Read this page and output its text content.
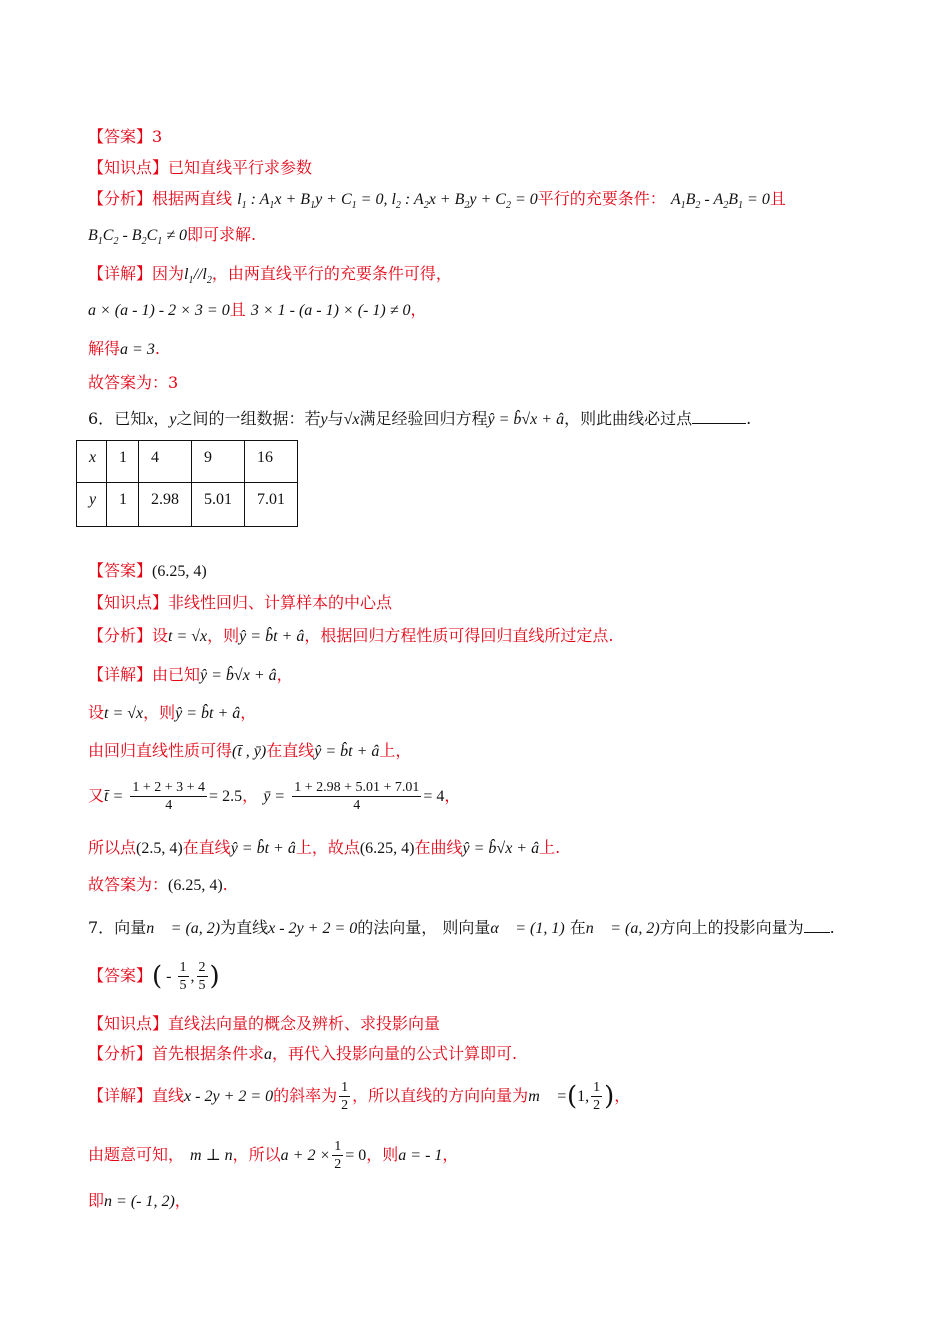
【答案】3
【知识点】已知直线平行求参数
【分析】根据两直线 $l_1$ : $A_1x + B_1y + C_1 = 0$, $l_2$ : $A_2x + B_2y + C_2 = 0$平行的充要条件： $A_1B_2 - A_2B_1 = 0$且
$B_1C_2 - B_2C_1 \ne 0$即可求解.
【详解】因为$l_1//l_2$，由两直线平行的充要条件可得，
a × (a - 1) - 2 × 3 = 0且 3 × 1 - (a - 1) × (- 1) ≠ 0，
解得a = 3.
故答案为：3
6．已知x，y之间的一组数据：若y与√x满足经验回归方程ŷ = b̂√x + â，则此曲线必过点	.
x	1	4	9	16
y	1	2.98	5.01	7.01
【答案】(6.25, 4)
【知识点】非线性回归、计算样本的中心点
【分析】设t = √x，则ŷ = b̂t + â，根据回归方程性质可得回归直线所过定点.
【详解】由已知ŷ = b̂√x + â，
设t = √x，则ŷ = b̂t + â，
由回归直线性质可得(t̄ , ȳ)在直线ŷ = b̂t + â上，
又t̄ = $\frac{1 + 2 + 3 + 4}{4} = 2.5$， ȳ = $\frac{1 + 2.98 + 5.01 + 7.01}{4} = 4$，
所以点(2.5, 4)在直线ŷ = b̂t + â上，故点(6.25, 4)在曲线ŷ = b̂√x + â上.
故答案为：(6.25, 4).
7．向量n⃗ = (a, 2)为直线x - 2y + 2 = 0的法向量， 则向量α⃗ = (1, 1) 在n⃗ = (a, 2)方向上的投影向量为 .
【答案】( - $\frac{1}{5}$ , $\frac{2}{5}$ )
【知识点】直线法向量的概念及辨析、求投影向量
【分析】首先根据条件求a，再代入投影向量的公式计算即可.
【详解】直线x - 2y + 2 = 0的斜率为 $\frac{1}{2}$ ，所以直线的方向向量为m⃗ =(1, $\frac{1}{2}$ )，
由题意可知， m ⊥ n，所以$a + 2 \times \frac{1}{2} = 0$，则a = - 1，
即n = (- 1, 2)，
